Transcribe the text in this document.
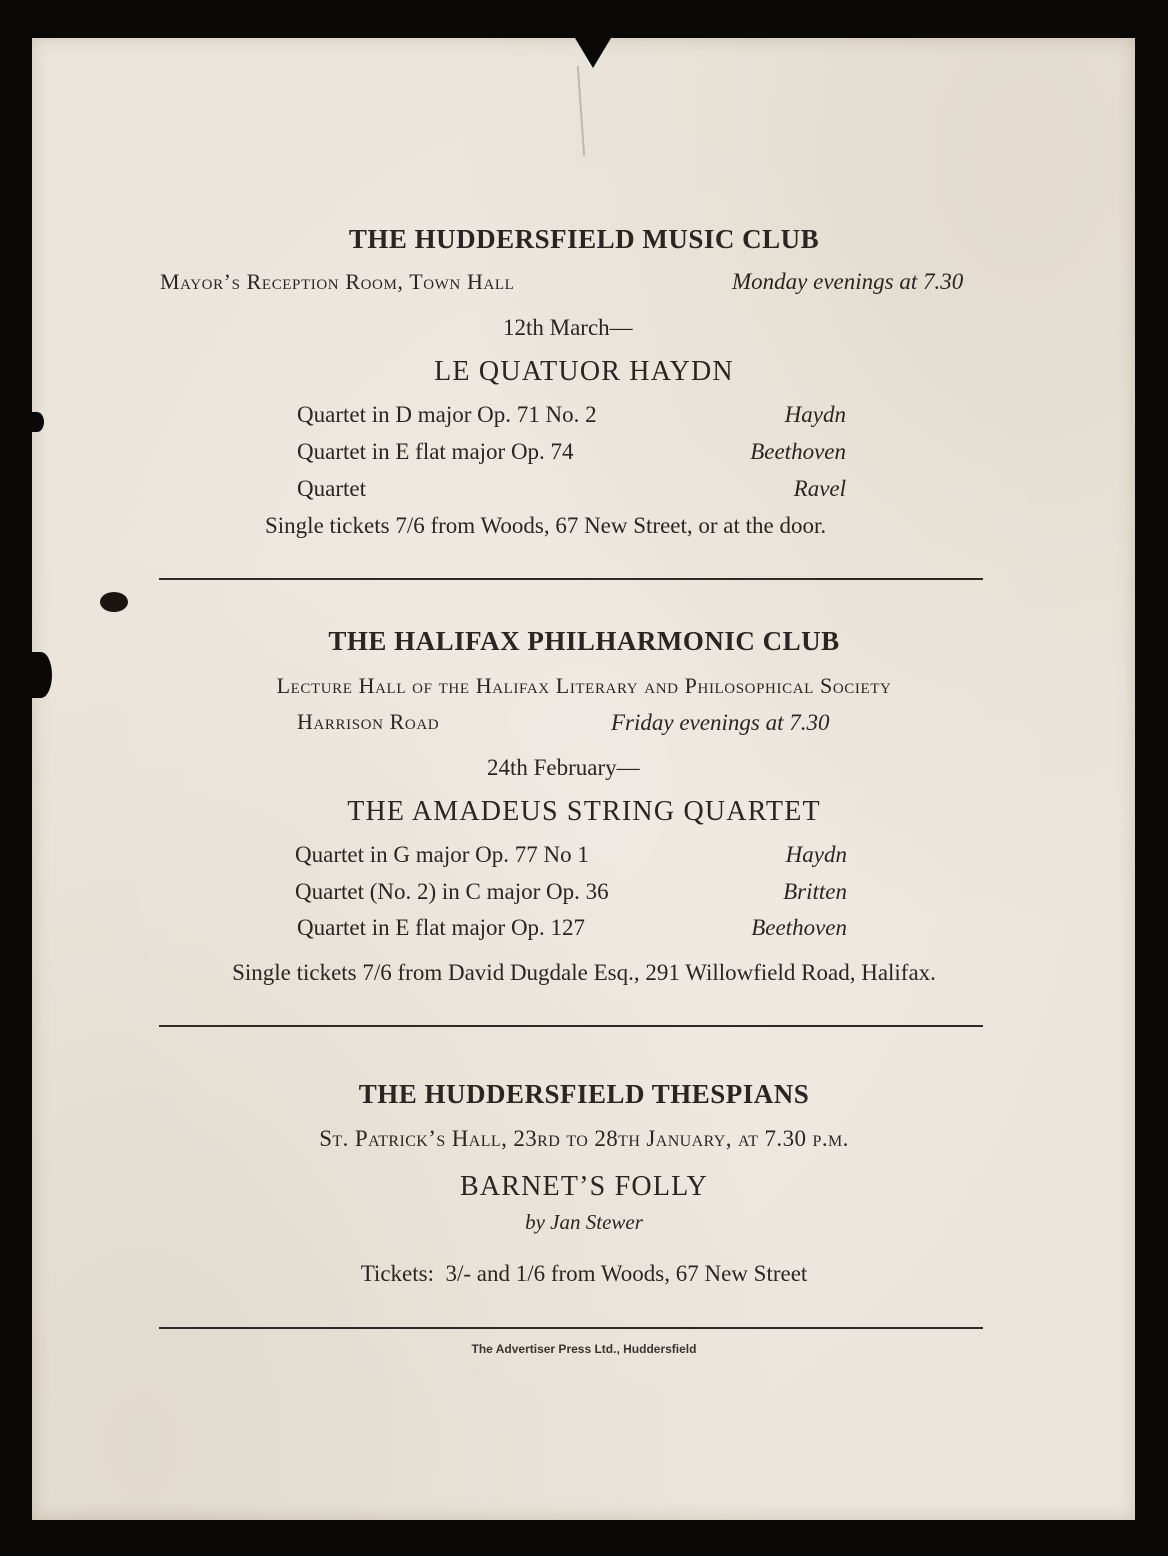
THE HUDDERSFIELD MUSIC CLUB
Mayor’s Reception Room, Town Hall	Monday evenings at 7.30
12th March—
LE QUATUOR HAYDN
Quartet in D major Op. 71 No. 2	Haydn
Quartet in E flat major Op. 74	Beethoven
Quartet	Ravel
Single tickets 7/6 from Woods, 67 New Street, or at the door.
THE HALIFAX PHILHARMONIC CLUB
Lecture Hall of the Halifax Literary and Philosophical Society
Harrison Road	Friday evenings at 7.30
24th February—
THE AMADEUS STRING QUARTET
Quartet in G major Op. 77 No 1	Haydn
Quartet (No. 2) in C major Op. 36	Britten
Quartet in E flat major Op. 127	Beethoven
Single tickets 7/6 from David Dugdale Esq., 291 Willowfield Road, Halifax.
THE HUDDERSFIELD THESPIANS
St. Patrick’s Hall, 23rd to 28th January, at 7.30 p.m.
BARNET’S FOLLY
by Jan Stewer
Tickets:  3/- and 1/6 from Woods, 67 New Street
The Advertiser Press Ltd., Huddersfield
